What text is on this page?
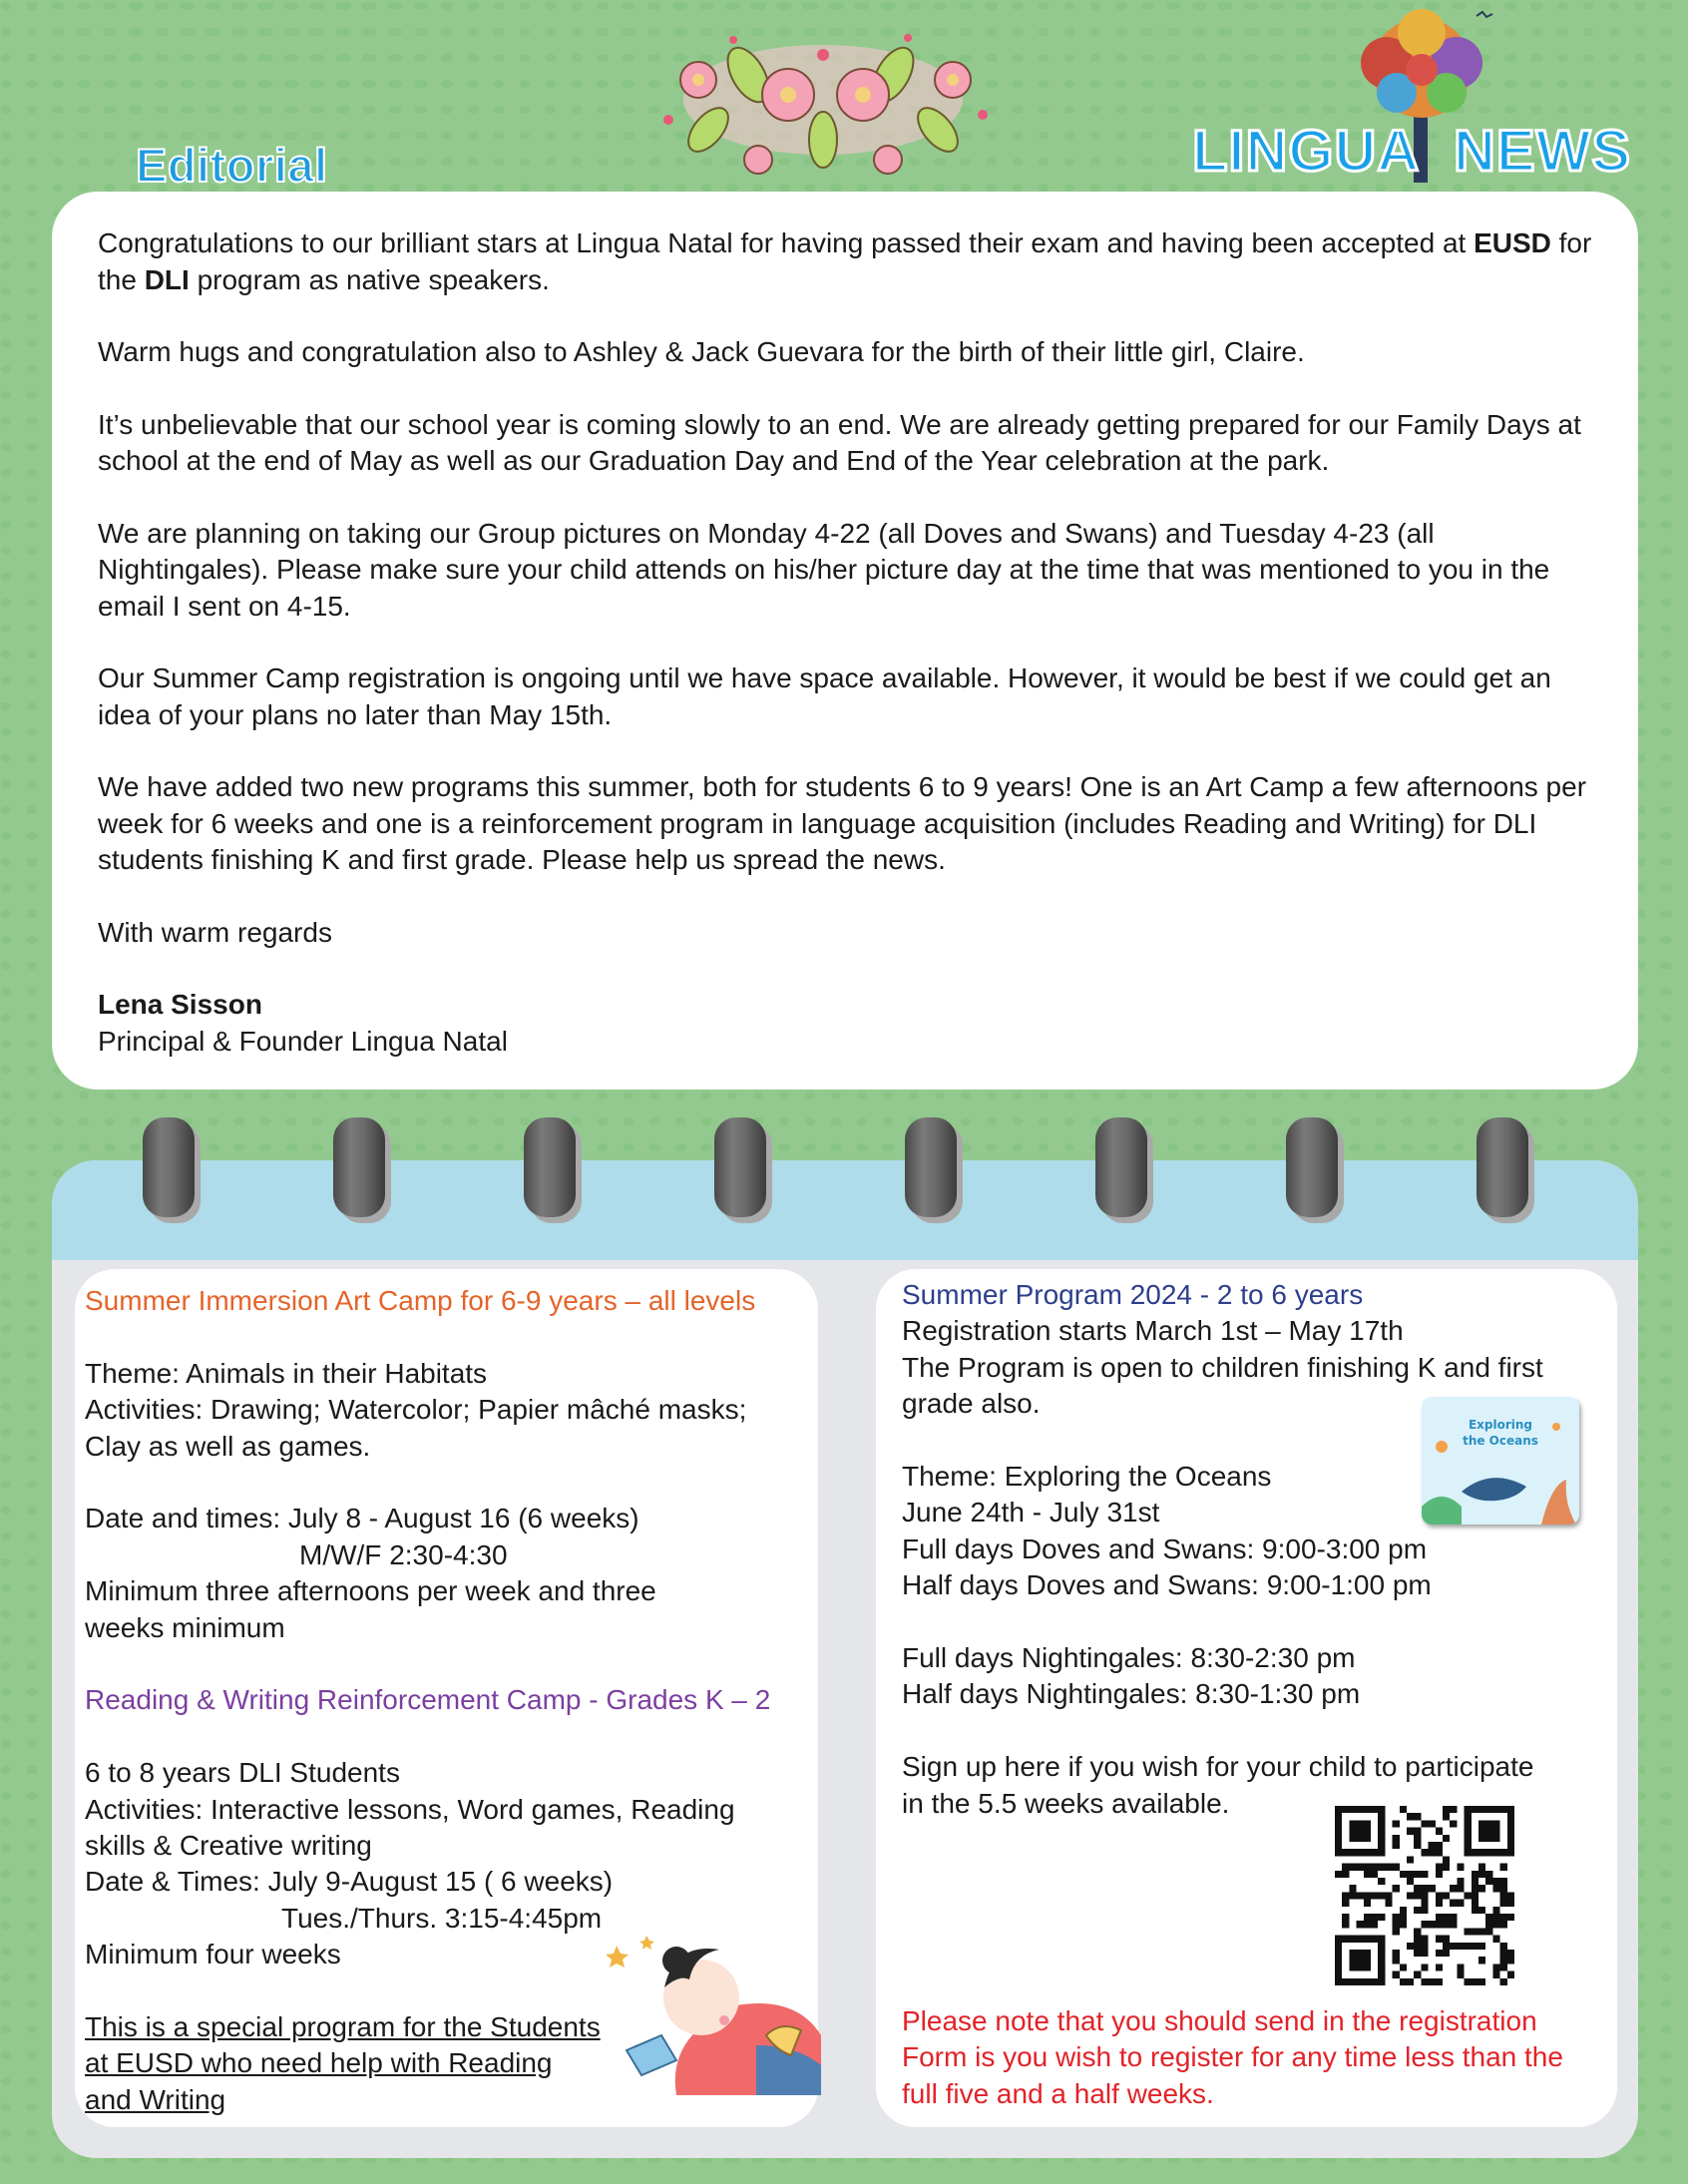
Editorial	LINGUA NEWS

Congratulations to our brilliant stars at Lingua Natal for having passed their exam and having been accepted at EUSD for the DLI program as native speakers.

Warm hugs and congratulation also to Ashley & Jack Guevara for the birth of their little girl, Claire.

It’s unbelievable that our school year is coming slowly to an end. We are already getting prepared for our Family Days at school at the end of May as well as our Graduation Day and End of the Year celebration at the park.

We are planning on taking our Group pictures on Monday 4-22 (all Doves and Swans) and Tuesday 4-23 (all Nightingales). Please make sure your child attends on his/her picture day at the time that was mentioned to you in the email I sent on 4-15.

Our Summer Camp registration is ongoing until we have space available. However, it would be best if we could get an idea of your plans no later than May 15th.

We have added two new programs this summer, both for students 6 to 9 years! One is an Art Camp a few afternoons per week for 6 weeks and one is a reinforcement program in language acquisition (includes Reading and Writing) for DLI students finishing K and first grade. Please help us spread the news.

With warm regards

Lena Sisson

Principal & Founder Lingua Natal

Summer Immersion Art Camp for 6-9 years – all levels
Theme: Animals in their Habitats
Activities: Drawing; Watercolor; Papier mâché masks;
Clay as well as games.
Date and times: July 8 - August 16 (6 weeks)
M/W/F 2:30-4:30
Minimum three afternoons per week and three
weeks minimum
Reading & Writing Reinforcement Camp - Grades K – 2
6 to 8 years DLI Students
Activities: Interactive lessons, Word games, Reading
skills & Creative writing
Date & Times: July 9-August 15 ( 6 weeks)
Tues./Thurs. 3:15-4:45pm
Minimum four weeks
This is a special program for the Students
at EUSD who need help with Reading
and Writing
Summer Program 2024 - 2 to 6 years
Registration starts March 1st – May 17th
The Program is open to children finishing K and first
grade also.
Theme: Exploring the Oceans
June 24th - July 31st
Full days Doves and Swans: 9:00-3:00 pm
Half days Doves and Swans: 9:00-1:00 pm
Full days Nightingales: 8:30-2:30 pm
Half days Nightingales: 8:30-1:30 pm
Sign up here if you wish for your child to participate
in the 5.5 weeks available.
Please note that you should send in the registration
Form is you wish to register for any time less than the
full five and a half weeks.
Exploring
the Oceans
